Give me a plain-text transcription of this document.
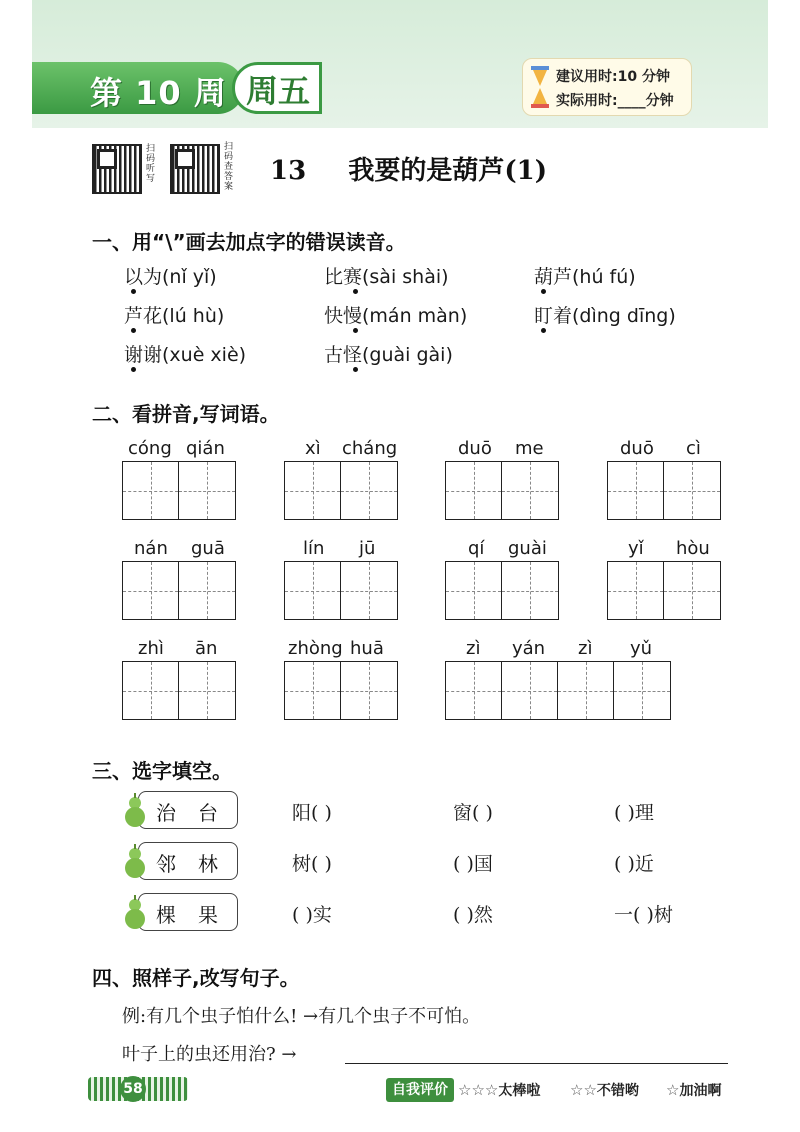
第 10 周 周五	建议用时:10 分钟
实际用时:____分钟
扫码听写
扫码查答案
13 我要的是葫芦(1)
一、用“\”画去加点字的错误读音。
以为(nǐ yǐ)	比赛(sài shài)	葫芦(hú fú)
芦花(lú hù)	快慢(mán màn)	盯着(dìng dīng)
谢谢(xuè xiè)	古怪(guài gài)
二、看拼音,写词语。
cóng qián	xì cháng	duō me	duō cì
nán guā	lín jū	qí guài	yǐ hòu
zhì ān	zhòng huā	zì yán zì yǔ
三、选字填空。
治台	阳( )	窗( )	( )理
邻林	树( )	( )国	( )近
棵果	( )实	( )然	一( )树
四、照样子,改写句子。
例:有几个虫子怕什么! →有几个虫子不可怕。
叶子上的虫还用治? →
58	自我评价 ☆☆☆太棒啦 ☆☆不错哟 ☆加油啊
